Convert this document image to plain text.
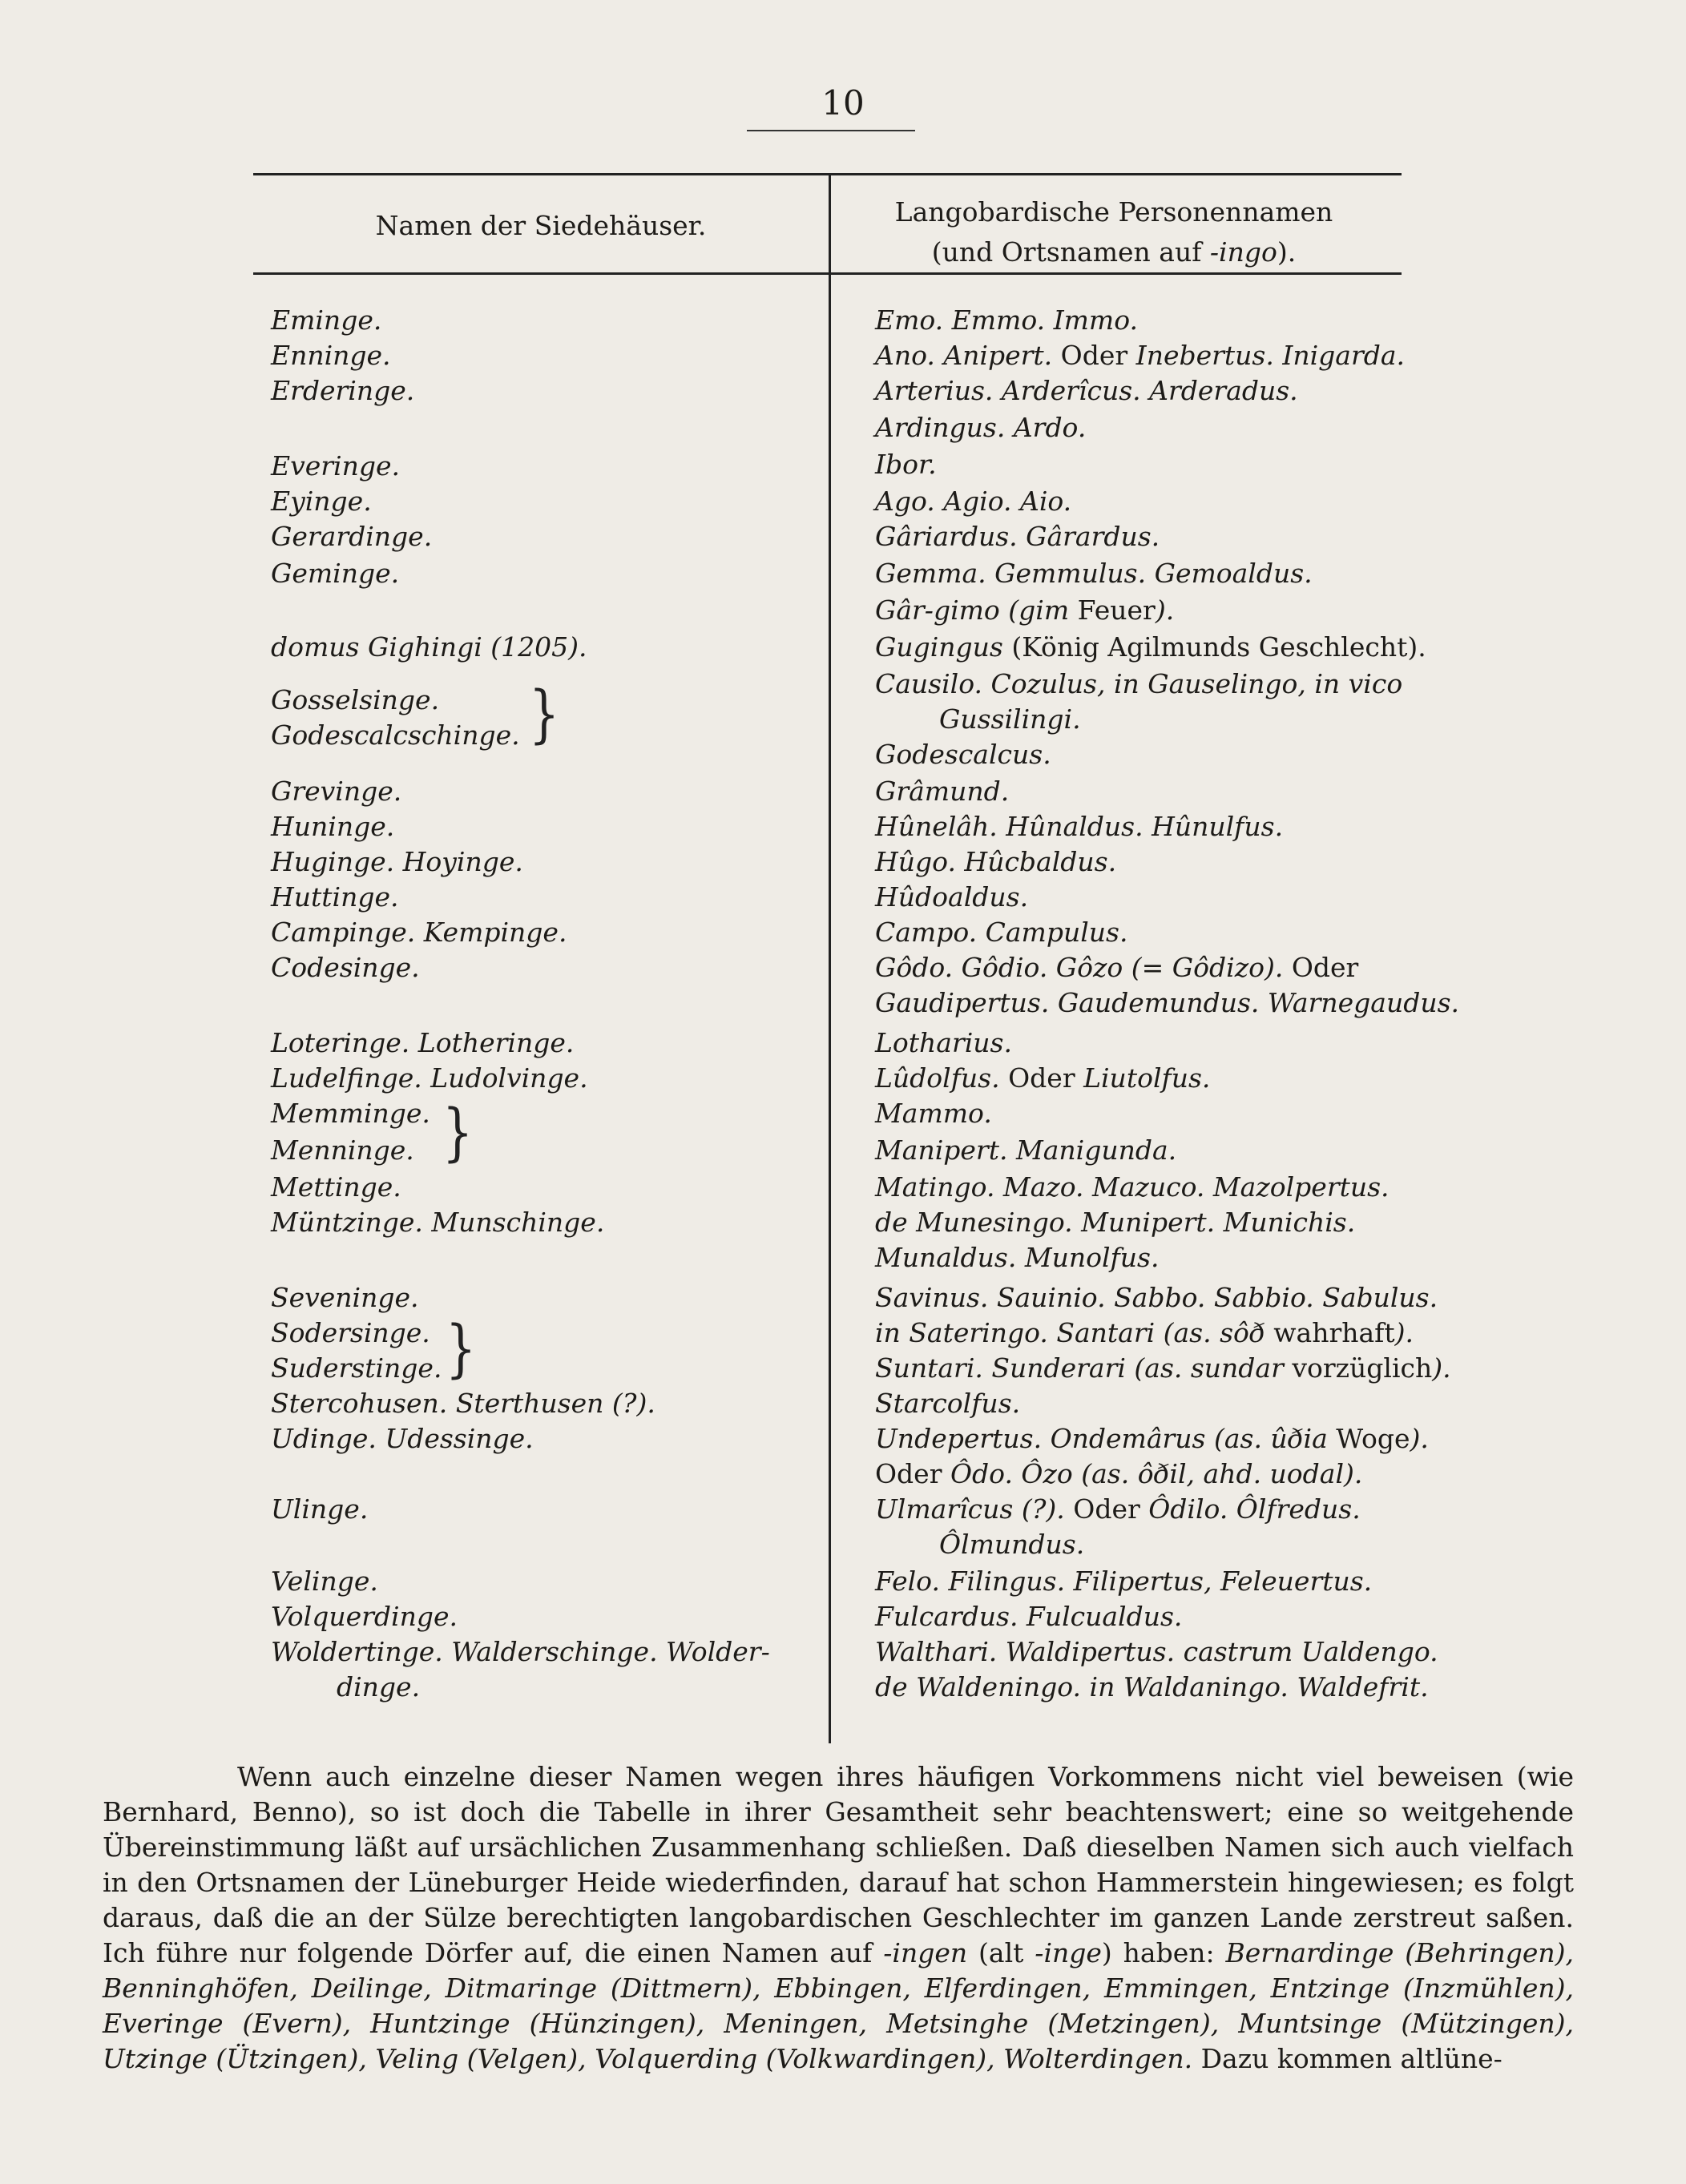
10
Namen der Siedehäuser.	Langobardische Personennamen
(und Ortsnamen auf -ingo).
Eminge.
Enninge.
Erderinge.
Everinge.
Eyinge.
Gerardinge.
Geminge.
domus Gighingi (1205).
Gosselsinge.
Godescalcschinge. }
Grevinge.
Huninge.
Huginge. Hoyinge.
Huttinge.
Campinge. Kempinge.
Codesinge.
Loteringe. Lotheringe.
Ludelfinge. Ludolvinge.
Memminge.
Menninge. }
Mettinge.
Müntzinge. Munschinge.
Seveninge.
Sodersinge.
Suderstinge. }
Stercohusen. Sterthusen (?).
Udinge. Udessinge.
Ulinge.
Velinge.
Volquerdinge.
Woldertinge. Walderschinge. Wolder-
dinge.
Emo. Emmo. Immo.
Ano. Anipert. Oder Inebertus. Inigarda.
Arterius. Arderîcus. Arderadus.
Ardingus. Ardo.
Ibor.
Ago. Agio. Aio.
Gâriardus. Gârardus.
Gemma. Gemmulus. Gemoaldus.
Gâr-gimo (gim Feuer).
Gugingus (König Agilmunds Geschlecht).
Causilo. Cozulus, in Gauselingo, in vico
Gussilingi.
Godescalcus.
Grâmund.
Hûnelâh. Hûnaldus. Hûnulfus.
Hûgo. Hûcbaldus.
Hûdoaldus.
Campo. Campulus.
Gôdo. Gôdio. Gôzo (= Gôdizo). Oder
Gaudipertus. Gaudemundus. Warnegaudus.
Lotharius.
Lûdolfus. Oder Liutolfus.
Mammo.
Manipert. Manigunda.
Matingo. Mazo. Mazuco. Mazolpertus.
de Munesingo. Munipert. Munichis.
Munaldus. Munolfus.
Savinus. Sauinio. Sabbo. Sabbio. Sabulus.
in Sateringo. Santari (as. sôð wahrhaft).
Suntari. Sunderari (as. sundar vorzüglich).
Starcolfus.
Undepertus. Ondemârus (as. ûðia Woge).
Oder Ôdo. Ôzo (as. ôðil, ahd. uodal).
Ulmarîcus (?). Oder Ôdilo. Ôlfredus.
Ôlmundus.
Felo. Filingus. Filipertus, Feleuertus.
Fulcardus. Fulcualdus.
Walthari. Waldipertus. castrum Ualdengo. de Waldeningo. in Waldaningo. Waldefrit.
Wenn auch einzelne dieser Namen wegen ihres häufigen Vorkommens nicht viel beweisen (wie
Bernhard, Benno), so ist doch die Tabelle in ihrer Gesamtheit sehr beachtenswert; eine so weitgehende
Übereinstimmung läßt auf ursächlichen Zusammenhang schließen. Daß dieselben Namen sich auch vielfach
in den Ortsnamen der Lüneburger Heide wiederfinden, darauf hat schon Hammerstein hingewiesen; es folgt
daraus, daß die an der Sülze berechtigten langobardischen Geschlechter im ganzen Lande zerstreut saßen.
Ich führe nur folgende Dörfer auf, die einen Namen auf -ingen (alt -inge) haben: Bernardinge (Behringen),
Benninghöfen, Deilinge, Ditmaringe (Dittmern), Ebbingen, Elferdingen, Emmingen, Entzinge (Inzmühlen),
Everinge (Evern), Huntzinge (Hünzingen), Meningen, Metsinghe (Metzingen), Muntsinge (Mützingen),
Utzinge (Ützingen), Veling (Velgen), Volquerding (Volkwardingen), Wolterdingen. Dazu kommen altlüne-
